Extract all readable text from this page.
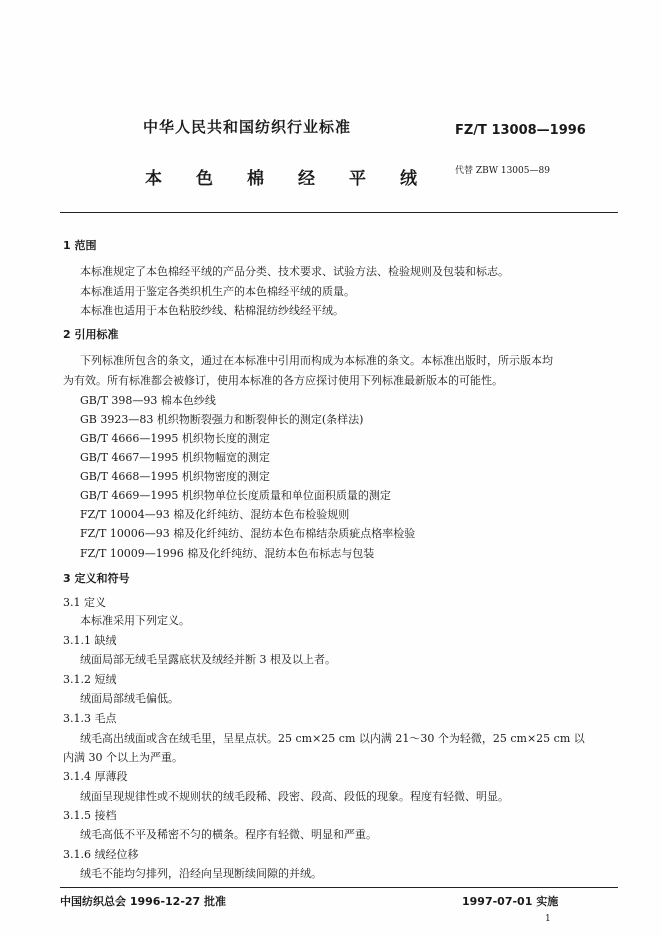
中华人民共和国纺织行业标准	FZ/T 13008—1996
本色棉经平绒 代替 ZBW 13005—89
1 范围
本标准规定了本色棉经平绒的产品分类、技术要求、试验方法、检验规则及包装和标志。
本标准适用于鉴定各类织机生产的本色棉经平绒的质量。
本标准也适用于本色粘胶纱线、粘棉混纺纱线经平绒。
2 引用标准
下列标准所包含的条文，通过在本标准中引用而构成为本标准的条文。本标准出版时，所示版本均
为有效。所有标准都会被修订，使用本标准的各方应探讨使用下列标准最新版本的可能性。
GB/T 398—93 棉本色纱线
GB 3923—83 机织物断裂强力和断裂伸长的测定(条样法)
GB/T 4666—1995 机织物长度的测定
GB/T 4667—1995 机织物幅宽的测定
GB/T 4668—1995 机织物密度的测定
GB/T 4669—1995 机织物单位长度质量和单位面积质量的测定
FZ/T 10004—93 棉及化纤纯纺、混纺本色布检验规则
FZ/T 10006—93 棉及化纤纯纺、混纺本色布棉结杂质疵点格率检验
FZ/T 10009—1996 棉及化纤纯纺、混纺本色布标志与包装
3 定义和符号
3.1 定义
本标准采用下列定义。
3.1.1 缺绒
绒面局部无绒毛呈露底状及绒经并断 3 根及以上者。
3.1.2 短绒
绒面局部绒毛偏低。
3.1.3 毛点
绒毛高出绒面或含在绒毛里，呈星点状。25 cm×25 cm 以内满 21～30 个为轻微，25 cm×25 cm 以
内满 30 个以上为严重。
3.1.4 厚薄段
绒面呈现规律性或不规则状的绒毛段稀、段密、段高、段低的现象。程度有轻微、明显。
3.1.5 接档
绒毛高低不平及稀密不匀的横条。程序有轻微、明显和严重。
3.1.6 绒经位移
绒毛不能均匀排列，沿经向呈现断续间隙的并绒。
中国纺织总会 1996-12-27 批准	1997-07-01 实施
1
